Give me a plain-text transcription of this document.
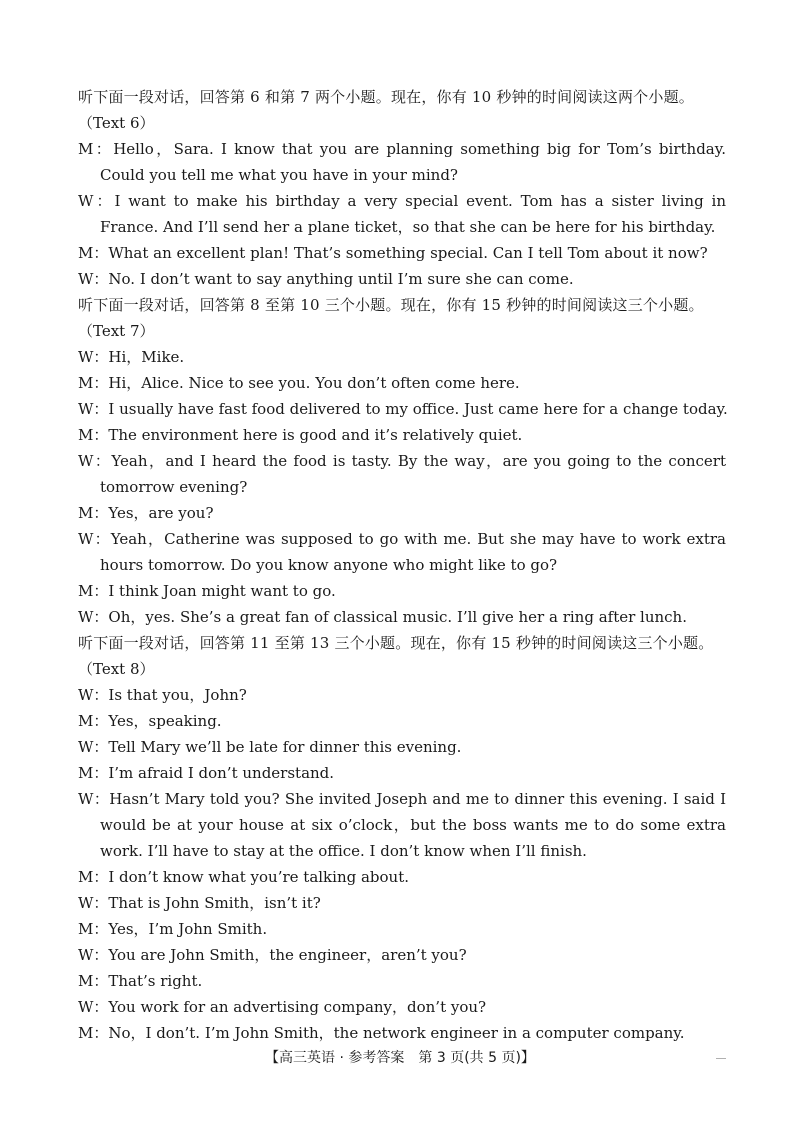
听下面一段对话，回答第 6 和第 7 两个小题。现在，你有 10 秒钟的时间阅读这两个小题。

（Text 6）

M：Hello，Sara. I know that you are planning something big for Tom’s birthday. Could you tell me what you have in your mind?

W：I want to make his birthday a very special event. Tom has a sister living in France. And I’ll send her a plane ticket，so that she can be here for his birthday.

M：What an excellent plan! That’s something special. Can I tell Tom about it now?

W：No. I don’t want to say anything until I’m sure she can come.

听下面一段对话，回答第 8 至第 10 三个小题。现在，你有 15 秒钟的时间阅读这三个小题。

（Text 7）

W：Hi，Mike.

M：Hi，Alice. Nice to see you. You don’t often come here.

W：I usually have fast food delivered to my office. Just came here for a change today.

M：The environment here is good and it’s relatively quiet.

W：Yeah，and I heard the food is tasty. By the way，are you going to the concert tomorrow evening?

M：Yes，are you?

W：Yeah，Catherine was supposed to go with me. But she may have to work extra hours tomorrow. Do you know anyone who might like to go?

M：I think Joan might want to go.

W：Oh，yes. She’s a great fan of classical music. I’ll give her a ring after lunch.

听下面一段对话，回答第 11 至第 13 三个小题。现在，你有 15 秒钟的时间阅读这三个小题。

（Text 8）

W：Is that you，John?

M：Yes，speaking.

W：Tell Mary we’ll be late for dinner this evening.

M：I’m afraid I don’t understand.

W：Hasn’t Mary told you? She invited Joseph and me to dinner this evening. I said I would be at your house at six o’clock，but the boss wants me to do some extra work. I’ll have to stay at the office. I don’t know when I’ll finish.

M：I don’t know what you’re talking about.

W：That is John Smith，isn’t it?

M：Yes，I’m John Smith.

W：You are John Smith，the engineer，aren’t you?

M：That’s right.

W：You work for an advertising company，don’t you?

M：No，I don’t. I’m John Smith，the network engineer in a computer company.

【高三英语 · 参考答案　第 3 页(共 5 页)】
